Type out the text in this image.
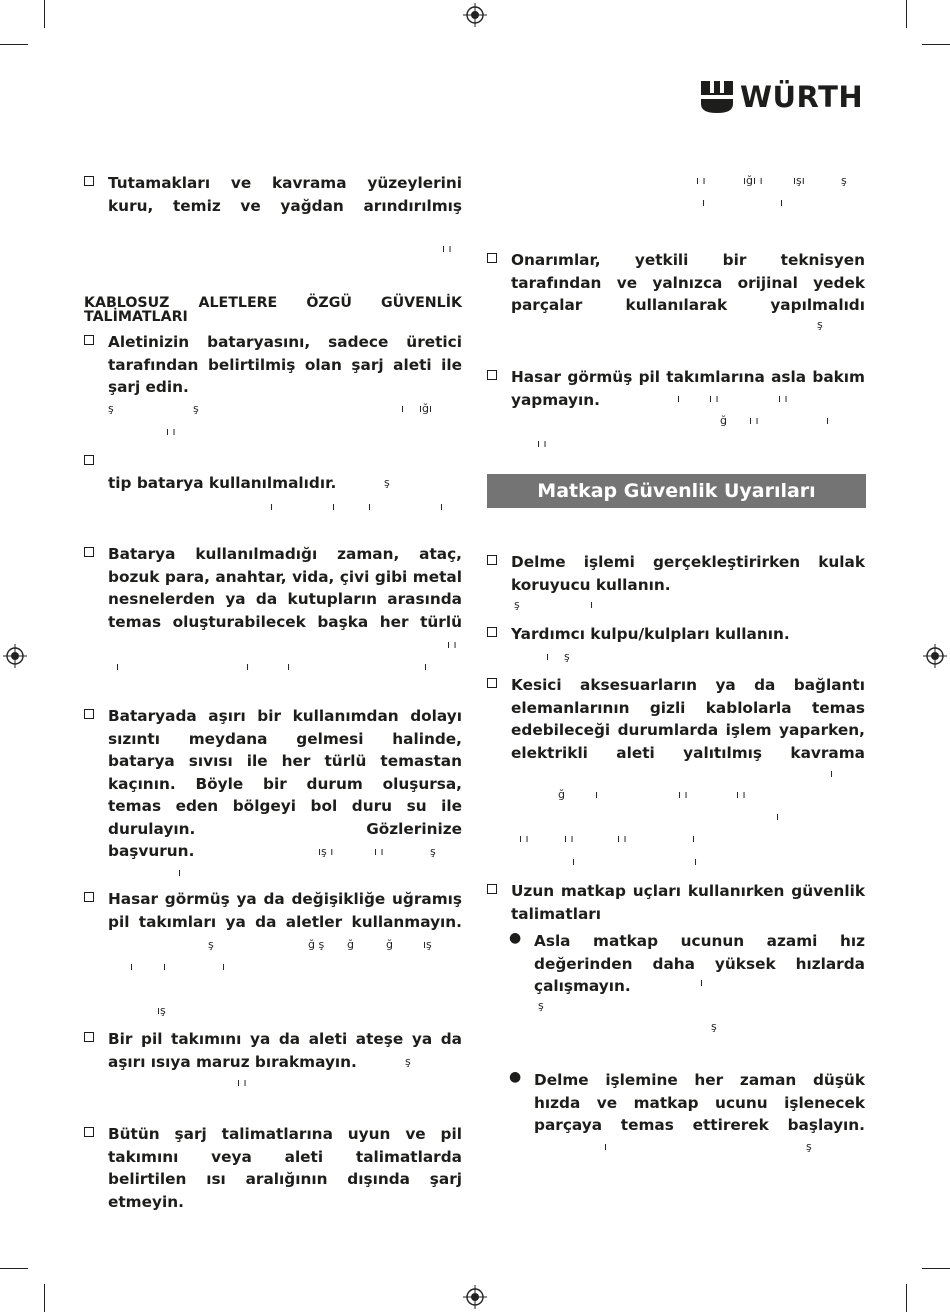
WÜRTH
Tutamakları ve kavrama yüzeylerini kuru, temiz ve yağdan arındırılmış
KABLOSUZ ALETLERE ÖZGÜ GÜVENLİK
TALİMATLARI
Aletinizin bataryasını, sadece üretici tarafından belirtilmiş olan şarj aleti ile şarj edin.
tip batarya kullanılmalıdır.
Batarya kullanılmadığı zaman, ataç, bozuk para, anahtar, vida, çivi gibi metal nesnelerden ya da kutupların arasında temas oluşturabilecek başka her türlü
Bataryada aşırı bir kullanımdan dolayı sızıntı meydana gelmesi halinde, batarya sıvısı ile her türlü temastan kaçının. Böyle bir durum oluşursa, temas eden bölgeyi bol duru su ile durulayın. Gözlerinize
başvurun.
Hasar görmüş ya da değişikliğe uğramış pil takımları ya da aletler kullanmayın.
Bir pil takımını ya da aleti ateşe ya da aşırı ısıya maruz bırakmayın.
Bütün şarj talimatlarına uyun ve pil takımını veya aleti talimatlarda belirtilen ısı aralığının dışında şarj etmeyin.
Onarımlar, yetkili bir teknisyen tarafından ve yalnızca orijinal yedek parçalar kullanılarak yapılmalıdı
Hasar görmüş pil takımlarına asla bakım yapmayın.
Delme işlemi gerçekleştirirken kulak koruyucu kullanın.
Yardımcı kulpu/kulpları kullanın.
Kesici aksesuarların ya da bağlantı elemanlarının gizli kablolarla temas edebileceği durumlarda işlem yaparken, elektrikli aleti yalıtılmış kavrama
Uzun matkap uçları kullanırken güvenlik talimatları
● Asla matkap ucunun azami hız değerinden daha yüksek hızlarda çalışmayın.
● Delme işlemine her zaman düşük hızda ve matkap ucunu işlenecek parçaya temas ettirerek başlayın.
Matkap Güvenlik Uyarıları
ı ı
ı ı	ığı ı	ışı	ş
ı	ı
ş	ş	ı ığı
ı ı
ş
ı	ı	ı	ı
ı ı
ı	ı	ı	ı
ış ı	ı ı	ş
ı
ş	ğ ş ğ	ğ	ış
ı	ı	ı
ış
ş
ı ı
ş
ı	ı ı	ı ı
ğ ı ı	ı
ı ı
ş	ı
ı ş
ı
ğ	ı	ı ı	ı ı
ı
ı ı	ı ı	ı ı	ı
ı	ı
ı
ş
ş
ı	ş
